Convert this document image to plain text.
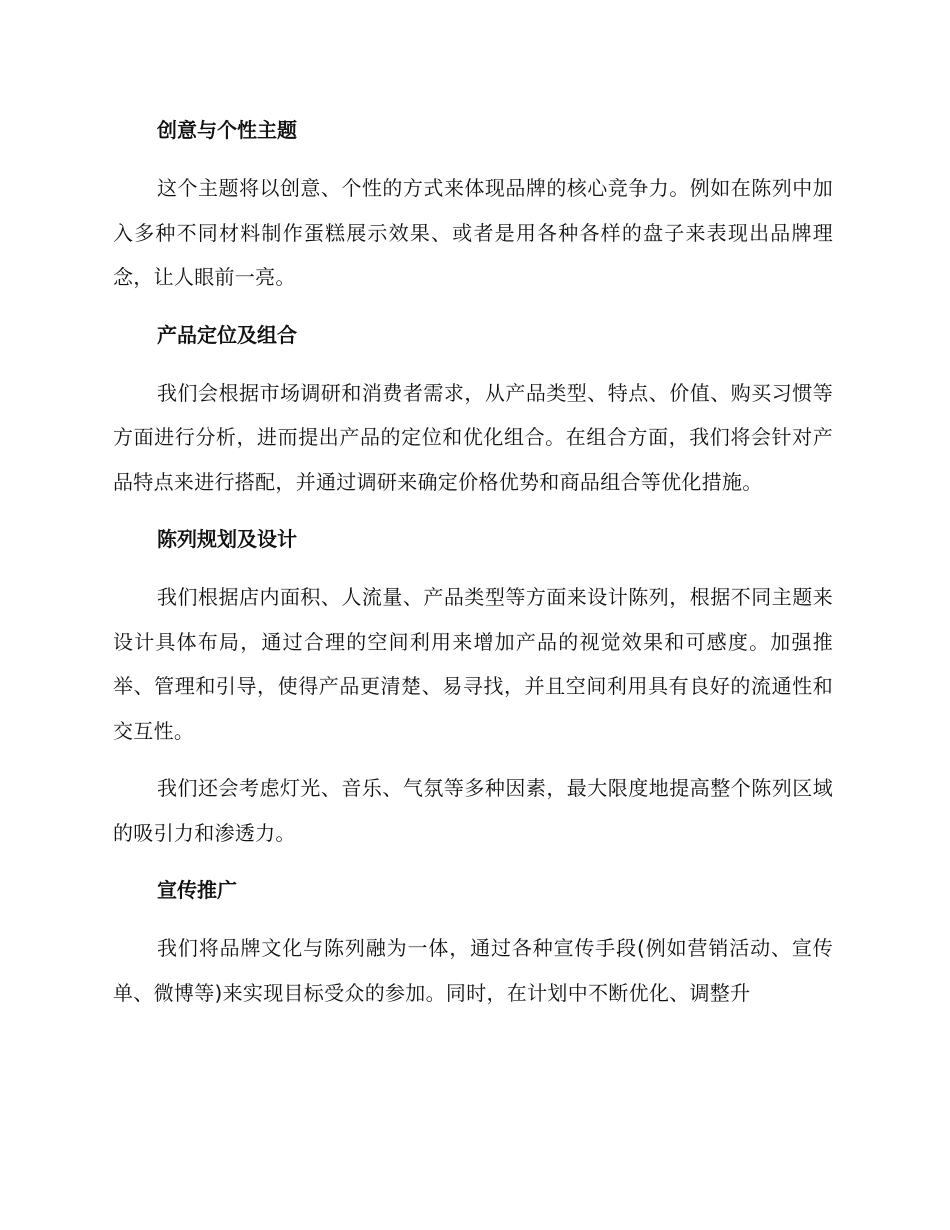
创意与个性主题

这个主题将以创意、个性的方式来体现品牌的核心竞争力。例如在陈列中加入多种不同材料制作蛋糕展示效果、或者是用各种各样的盘子来表现出品牌理念，让人眼前一亮。

产品定位及组合

我们会根据市场调研和消费者需求，从产品类型、特点、价值、购买习惯等方面进行分析，进而提出产品的定位和优化组合。在组合方面，我们将会针对产品特点来进行搭配，并通过调研来确定价格优势和商品组合等优化措施。

陈列规划及设计

我们根据店内面积、人流量、产品类型等方面来设计陈列，根据不同主题来设计具体布局，通过合理的空间利用来增加产品的视觉效果和可感度。加强推举、管理和引导，使得产品更清楚、易寻找，并且空间利用具有良好的流通性和交互性。

我们还会考虑灯光、音乐、气氛等多种因素，最大限度地提高整个陈列区域的吸引力和渗透力。

宣传推广

我们将品牌文化与陈列融为一体，通过各种宣传手段(例如营销活动、宣传单、微博等)来实现目标受众的参加。同时，在计划中不断优化、调整升
